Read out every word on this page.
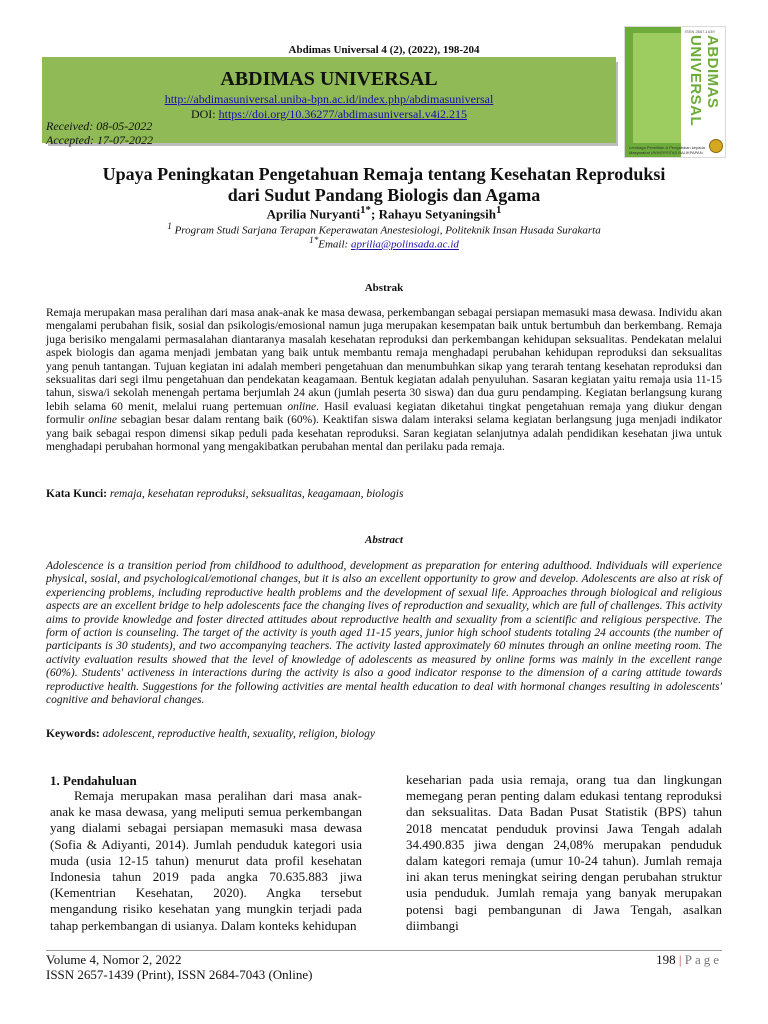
Abdimas Universal 4 (2), (2022), 198-204
ABDIMAS UNIVERSAL
http://abdimasuniversal.uniba-bpn.ac.id/index.php/abdimasuniversal
DOI: https://doi.org/10.36277/abdimasuniversal.v4i2.215
Received: 08-05-2022
Accepted: 17-07-2022
ISSN 2657-1439
ABDIMAS UNIVERSAL
Lembaga Penelitian & Pengabdian kepada Masyarakat UNIVERSITAS BALIKPAPAN
Upaya Peningkatan Pengetahuan Remaja tentang Kesehatan Reproduksi
dari Sudut Pandang Biologis dan Agama
Aprilia Nuryanti$^{1*}$; Rahayu Setyaningsih$^1$
$^1$ Program Studi Sarjana Terapan Keperawatan Anestesiologi, Politeknik Insan Husada Surakarta
$^{1*}$Email: aprilia@polinsada.ac.id
Abstrak
Remaja merupakan masa peralihan dari masa anak-anak ke masa dewasa, perkembangan sebagai persiapan memasuki masa dewasa. Individu akan mengalami perubahan fisik, sosial dan psikologis/emosional namun juga merupakan kesempatan baik untuk bertumbuh dan berkembang. Remaja juga berisiko mengalami permasalahan diantaranya masalah kesehatan reproduksi dan perkembangan kehidupan seksualitas. Pendekatan melalui aspek biologis dan agama menjadi jembatan yang baik untuk membantu remaja menghadapi perubahan kehidupan reproduksi dan seksualitas yang penuh tantangan. Tujuan kegiatan ini adalah memberi pengetahuan dan menumbuhkan sikap yang terarah tentang kesehatan reproduksi dan seksualitas dari segi ilmu pengetahuan dan pendekatan keagamaan. Bentuk kegiatan adalah penyuluhan. Sasaran kegiatan yaitu remaja usia 11-15 tahun, siswa/i sekolah menengah pertama berjumlah 24 akun (jumlah peserta 30 siswa) dan dua guru pendamping. Kegiatan berlangsung kurang lebih selama 60 menit, melalui ruang pertemuan online. Hasil evaluasi kegiatan diketahui tingkat pengetahuan remaja yang diukur dengan formulir online sebagian besar dalam rentang baik (60%). Keaktifan siswa dalam interaksi selama kegiatan berlangsung juga menjadi indikator yang baik sebagai respon dimensi sikap peduli pada kesehatan reproduksi. Saran kegiatan selanjutnya adalah pendidikan kesehatan jiwa untuk menghadapi perubahan hormonal yang mengakibatkan perubahan mental dan perilaku pada remaja.
Kata Kunci: remaja, kesehatan reproduksi, seksualitas, keagamaan, biologis
Abstract
Adolescence is a transition period from childhood to adulthood, development as preparation for entering adulthood. Individuals will experience physical, sosial, and psychological/emotional changes, but it is also an excellent opportunity to grow and develop. Adolescents are also at risk of experiencing problems, including reproductive health problems and the development of sexual life. Approaches through biological and religious aspects are an excellent bridge to help adolescents face the changing lives of reproduction and sexuality, which are full of challenges. This activity aims to provide knowledge and foster directed attitudes about reproductive health and sexuality from a scientific and religious perspective. The form of action is counseling. The target of the activity is youth aged 11-15 years, junior high school students totaling 24 accounts (the number of participants is 30 students), and two accompanying teachers. The activity lasted approximately 60 minutes through an online meeting room. The activity evaluation results showed that the level of knowledge of adolescents as measured by online forms was mainly in the excellent range (60%). Students' activeness in interactions during the activity is also a good indicator response to the dimension of a caring attitude towards reproductive health. Suggestions for the following activities are mental health education to deal with hormonal changes resulting in adolescents' cognitive and behavioral changes.
Keywords: adolescent, reproductive health, sexuality, religion, biology
1. Pendahuluan

Remaja merupakan masa peralihan dari masa anak-anak ke masa dewasa, yang meliputi semua perkembangan yang dialami sebagai persiapan memasuki masa dewasa (Sofia & Adiyanti, 2014). Jumlah penduduk kategori usia muda (usia 12-15 tahun) menurut data profil kesehatan Indonesia tahun 2019 pada angka 70.635.883 jiwa (Kementrian Kesehatan, 2020). Angka tersebut mengandung risiko kesehatan yang mungkin terjadi pada tahap perkembangan di usianya. Dalam konteks kehidupan

keseharian pada usia remaja, orang tua dan lingkungan memegang peran penting dalam edukasi tentang reproduksi dan seksualitas. Data Badan Pusat Statistik (BPS) tahun 2018 mencatat penduduk provinsi Jawa Tengah adalah 34.490.835 jiwa dengan 24,08% merupakan penduduk dalam kategori remaja (umur 10-24 tahun). Jumlah remaja ini akan terus meningkat seiring dengan perubahan struktur usia penduduk. Jumlah remaja yang banyak merupakan potensi bagi pembangunan di Jawa Tengah, asalkan diimbangi

Volume 4, Nomor 2, 2022
ISSN 2657-1439 (Print), ISSN 2684-7043 (Online)
198 | Page
